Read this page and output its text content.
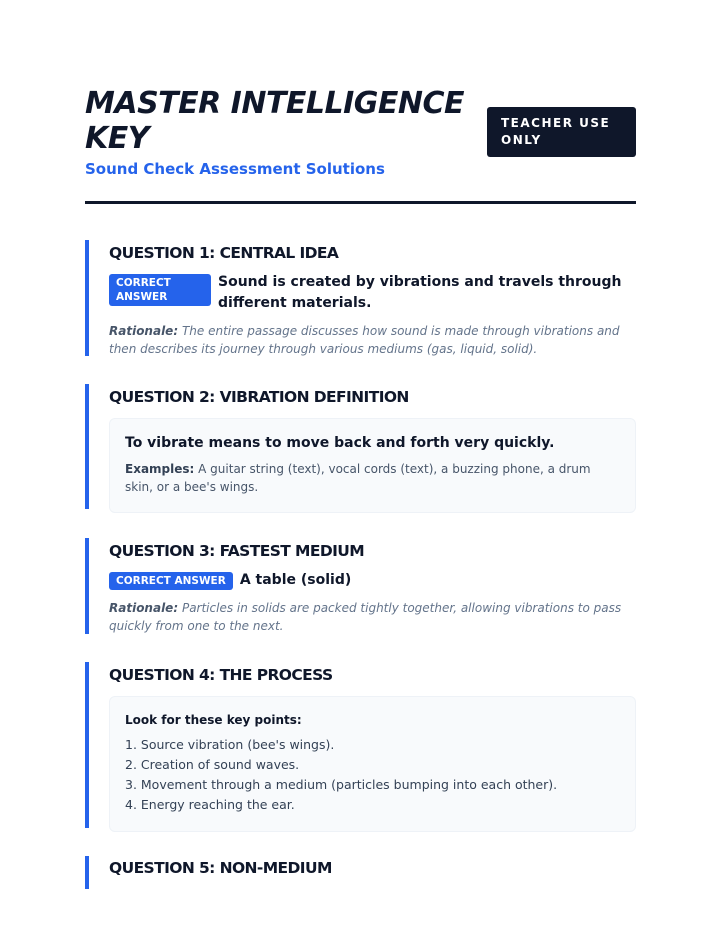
MASTER INTELLIGENCE KEY
Sound Check Assessment Solutions
TEACHER USE ONLY
QUESTION 1: CENTRAL IDEA
CORRECT ANSWER
Sound is created by vibrations and travels through different materials.

Rationale: The entire passage discusses how sound is made through vibrations and then describes its journey through various mediums (gas, liquid, solid).

QUESTION 2: VIBRATION DEFINITION
To vibrate means to move back and forth very quickly.

Examples: A guitar string (text), vocal cords (text), a buzzing phone, a drum skin, or a bee's wings.

QUESTION 3: FASTEST MEDIUM
CORRECT ANSWER	A table (solid)

Rationale: Particles in solids are packed tightly together, allowing vibrations to pass quickly from one to the next.

QUESTION 4: THE PROCESS
Look for these key points:
1. Source vibration (bee's wings).
2. Creation of sound waves.
3. Movement through a medium (particles bumping into each other).
4. Energy reaching the ear.
QUESTION 5: NON-MEDIUM
